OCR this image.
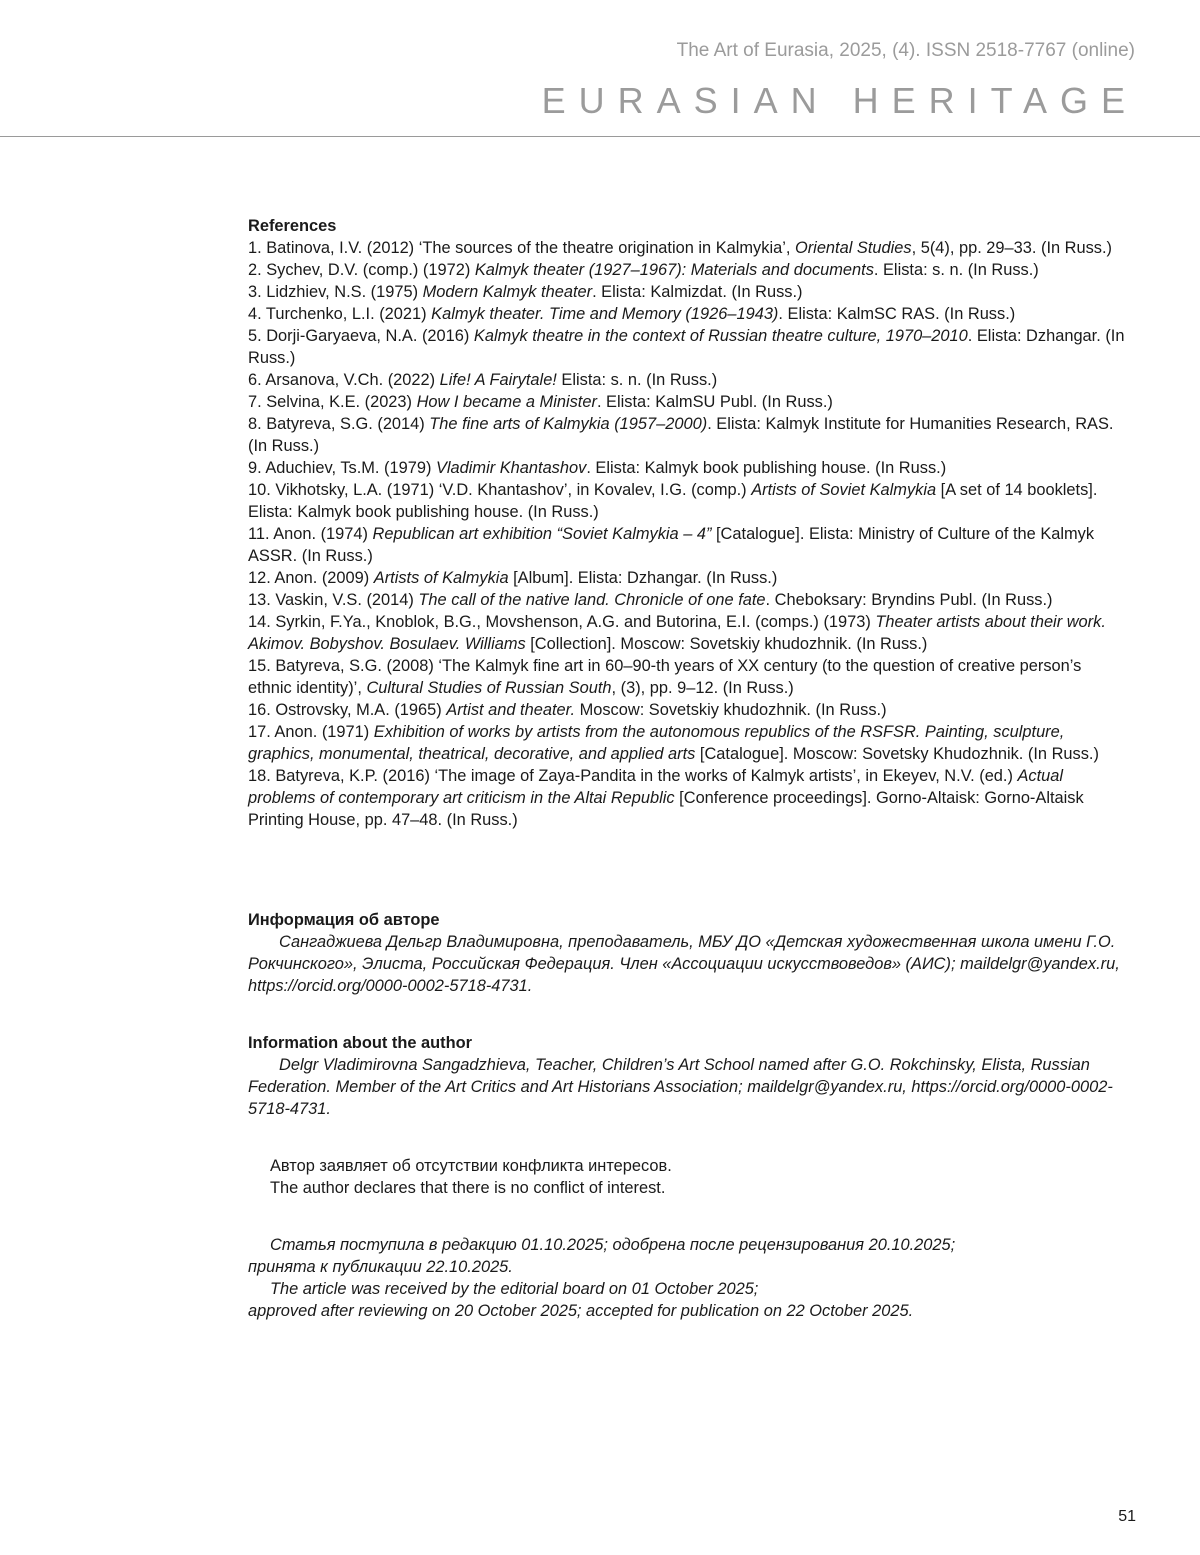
The Art of Eurasia, 2025, (4). ISSN 2518-7767 (online)
EURASIAN HERITAGE

References

1. Batinova, I.V. (2012) ‘The sources of the theatre origination in Kalmykia’, Oriental Studies, 5(4), pp. 29–33. (In Russ.)

2. Sychev, D.V. (comp.) (1972) Kalmyk theater (1927–1967): Materials and documents. Elista: s. n. (In Russ.)

3. Lidzhiev, N.S. (1975) Modern Kalmyk theater. Elista: Kalmizdat. (In Russ.)

4. Turchenko, L.I. (2021) Kalmyk theater. Time and Memory (1926–1943). Elista: KalmSC RAS. (In Russ.)

5. Dorji-Garyaeva, N.A. (2016) Kalmyk theatre in the context of Russian theatre culture, 1970–2010. Elista: Dzhangar. (In Russ.)

6. Arsanova, V.Ch. (2022) Life! A Fairytale! Elista: s. n. (In Russ.)

7. Selvina, K.E. (2023) How I became a Minister. Elista: KalmSU Publ. (In Russ.)

8. Batyreva, S.G. (2014) The fine arts of Kalmykia (1957–2000). Elista: Kalmyk Institute for Humanities Research, RAS. (In Russ.)

9. Aduchiev, Ts.M. (1979) Vladimir Khantashov. Elista: Kalmyk book publishing house. (In Russ.)

10. Vikhotsky, L.A. (1971) ‘V.D. Khantashov’, in Kovalev, I.G. (comp.) Artists of Soviet Kalmykia [A set of 14 booklets]. Elista: Kalmyk book publishing house. (In Russ.)

11. Anon. (1974) Republican art exhibition “Soviet Kalmykia – 4” [Catalogue]. Elista: Ministry of Culture of the Kalmyk ASSR. (In Russ.)

12. Anon. (2009) Artists of Kalmykia [Album]. Elista: Dzhangar. (In Russ.)

13. Vaskin, V.S. (2014) The call of the native land. Chronicle of one fate. Cheboksary: Bryndins Publ. (In Russ.)

14. Syrkin, F.Ya., Knoblok, B.G., Movshenson, A.G. and Butorina, E.I. (comps.) (1973) Theater artists about their work. Akimov. Bobyshov. Bosulaev. Williams [Collection]. Moscow: Sovetskiy khudozhnik. (In Russ.)

15. Batyreva, S.G. (2008) ‘The Kalmyk fine art in 60–90-th years of XX century (to the question of creative person’s ethnic identity)’, Cultural Studies of Russian South, (3), pp. 9–12. (In Russ.)

16. Ostrovsky, M.A. (1965) Artist and theater. Moscow: Sovetskiy khudozhnik. (In Russ.)

17. Anon. (1971) Exhibition of works by artists from the autonomous republics of the RSFSR. Painting, sculpture, graphics, monumental, theatrical, decorative, and applied arts [Catalogue]. Moscow: Sovetsky Khudozhnik. (In Russ.)

18. Batyreva, K.P. (2016) ‘The image of Zaya-Pandita in the works of Kalmyk artists’, in Ekeyev, N.V. (ed.) Actual problems of contemporary art criticism in the Altai Republic [Conference proceedings]. Gorno-Altaisk: Gorno-Altaisk Printing House, pp. 47–48. (In Russ.)

Информация об авторе

Сангаджиева Дельгр Владимировна, преподаватель, МБУ ДО «Детская художественная школа имени Г.О. Рокчинского», Элиста, Российская Федерация. Член «Ассоциации искусствоведов» (АИС); maildelgr@yandex.ru, https://orcid.org/0000-0002-5718-4731.

Information about the author

Delgr Vladimirovna Sangadzhieva, Teacher, Children’s Art School named after G.O. Rokchinsky, Elista, Russian Federation. Member of the Art Critics and Art Historians Association; maildelgr@yandex.ru, https://orcid.org/0000-0002-5718-4731.

Автор заявляет об отсутствии конфликта интересов.

The author declares that there is no conflict of interest.

Статья поступила в редакцию 01.10.2025; одобрена после рецензирования 20.10.2025;

принята к публикации 22.10.2025.

The article was received by the editorial board on 01 October 2025;

approved after reviewing on 20 October 2025; accepted for publication on 22 October 2025.

51
